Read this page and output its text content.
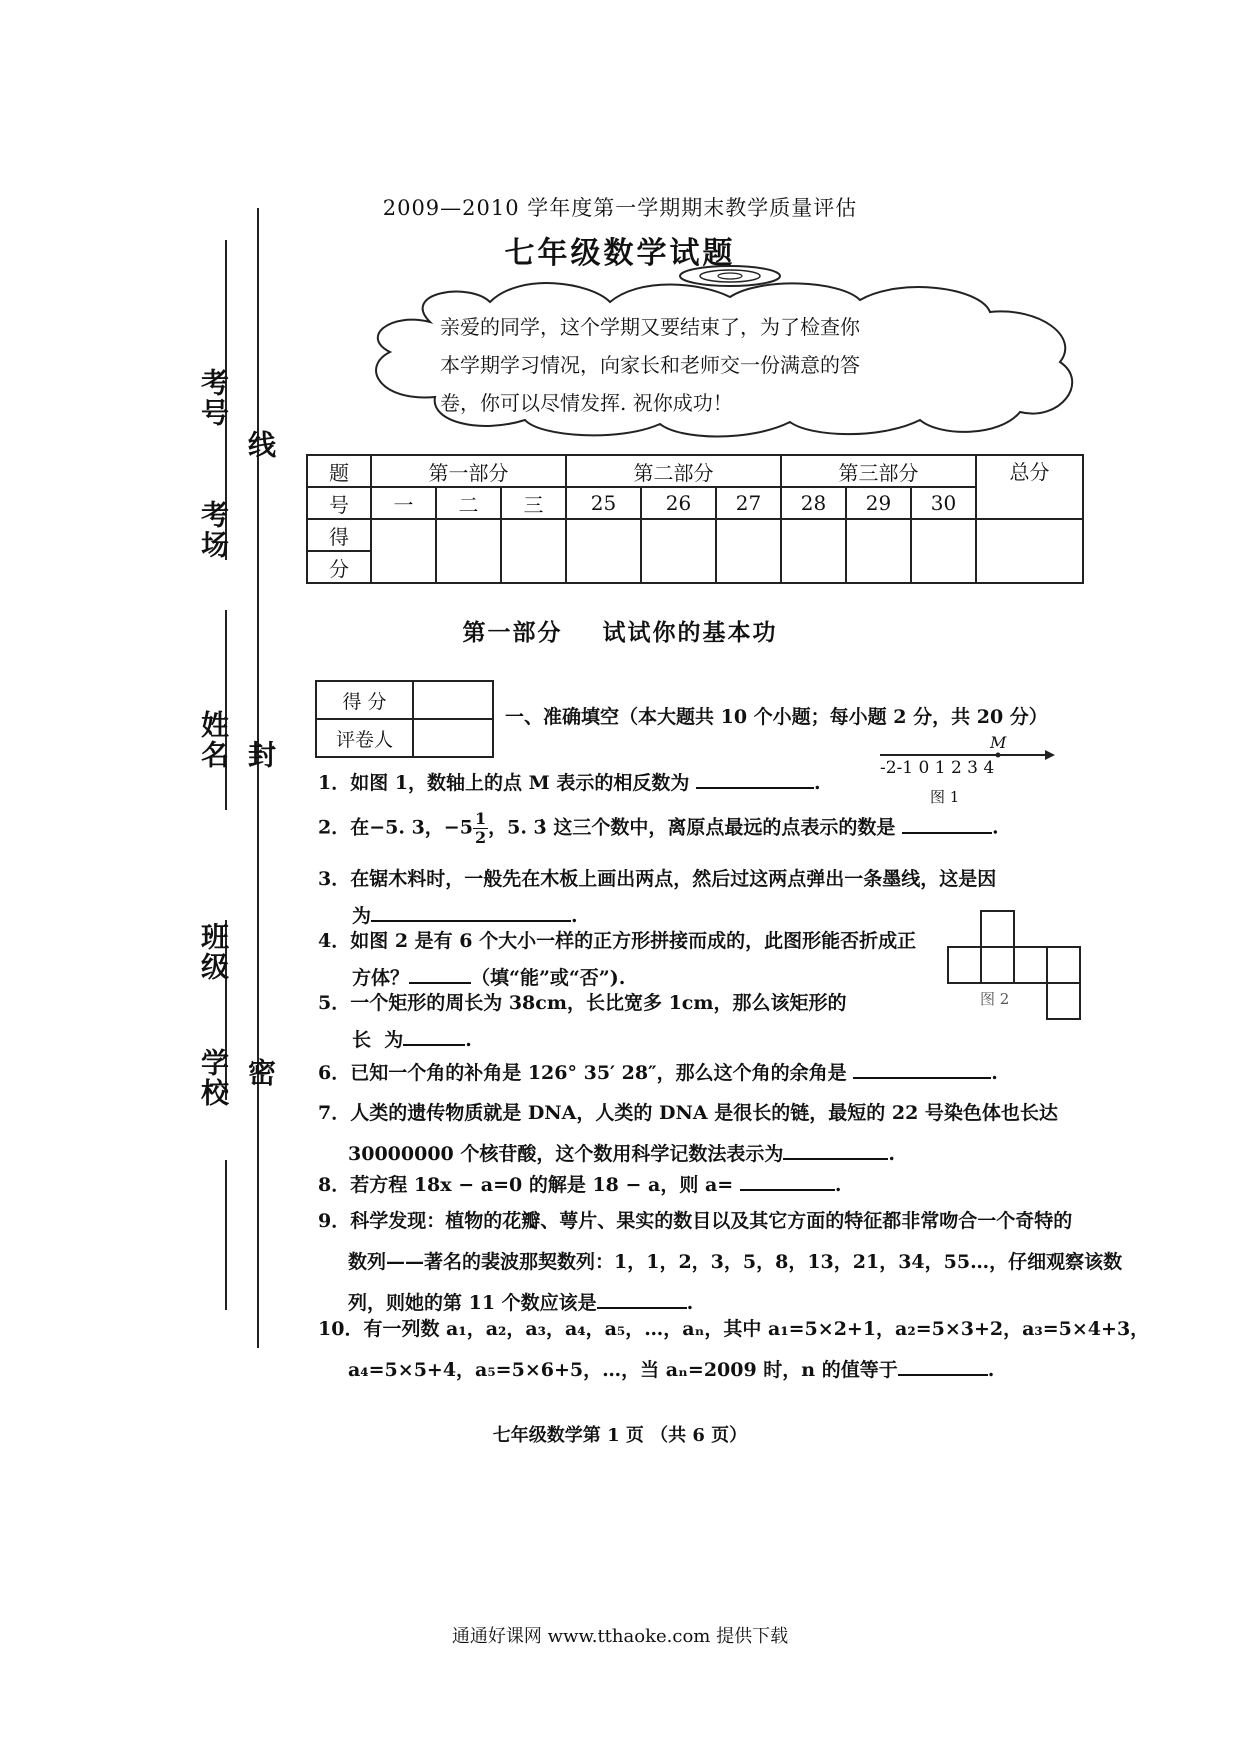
考号
线
考场
姓名 封
班级
学校 密
2009—2010 学年度第一学期期末教学质量评估
七年级数学试题
亲爱的同学，这个学期又要结束了，为了检查你
本学期学习情况，向家长和老师交一份满意的答
卷，你可以尽情发挥. 祝你成功！
题	第一部分			第二部分			第三部分			总分
号	一	二	三	25	26	27	28	29	30	
得										
分										
第一部分    试试你的基本功
得 分	
评卷人	
一、准确填空（本大题共 10 个小题；每小题 2 分，共 20 分）
M
-2-1 0 1 2 3 4
图 1
图 2
1．如图 1，数轴上的点 M 表示的相反数为	.
2．在−5. 3，$-5 \frac{1}{2}$ ，5. 3̇ 这三个数中，离原点最远的点表示的数是	.
3．在锯木料时，一般先在木板上画出两点，然后过这两点弹出一条墨线，这是因
为	.
4．如图 2 是有 6 个大小一样的正方形拼接而成的，此图形能否折成正
方体？	（填“能”或“否”).
5．一个矩形的周长为 38cm，长比宽多 1cm，那么该矩形的
长  为	.
6．已知一个角的补角是 126° 35′ 28″，那么这个角的余角是	.
7．人类的遗传物质就是 DNA，人类的 DNA 是很长的链，最短的 22 号染色体也长达
30000000 个核苷酸，这个数用科学记数法表示为	.
8．若方程 18x − a=0 的解是 18 − a，则 a=	.
9．科学发现：植物的花瓣、萼片、果实的数目以及其它方面的特征都非常吻合一个奇特的
数列——著名的裴波那契数列：1，1，2，3，5，8，13，21，34，55…，仔细观察该数
列，则她的第 11 个数应该是	.
10．有一列数 a₁，a₂，a₃，a₄，a₅，…，aₙ，其中 a₁=5×2+1，a₂=5×3+2，a₃=5×4+3，
a₄=5×5+4，a₅=5×6+5，…，当 aₙ=2009 时，n 的值等于	.
七年级数学第 1 页 （共 6 页）
通通好课网 www.tthaoke.com 提供下载
